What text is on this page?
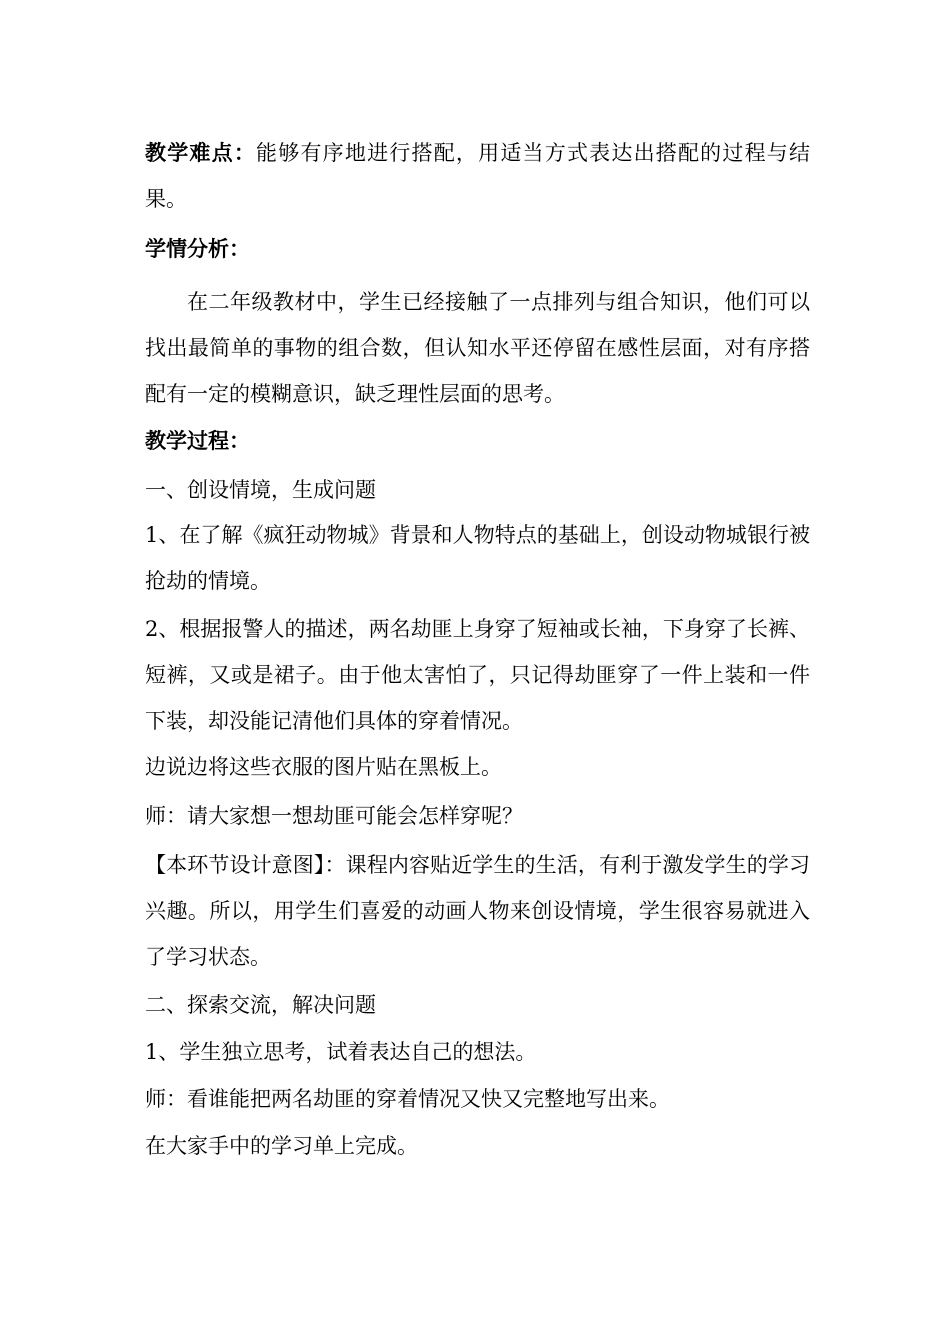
教学难点：能够有序地进行搭配，用适当方式表达出搭配的过程与结果。

学情分析：

在二年级教材中，学生已经接触了一点排列与组合知识，他们可以找出最简单的事物的组合数，但认知水平还停留在感性层面，对有序搭配有一定的模糊意识，缺乏理性层面的思考。

教学过程：

一、创设情境，生成问题

1、在了解《疯狂动物城》背景和人物特点的基础上，创设动物城银行被抢劫的情境。

2、根据报警人的描述，两名劫匪上身穿了短袖或长袖，下身穿了长裤、短裤，又或是裙子。由于他太害怕了，只记得劫匪穿了一件上装和一件下装，却没能记清他们具体的穿着情况。

边说边将这些衣服的图片贴在黑板上。

师：请大家想一想劫匪可能会怎样穿呢？

【本环节设计意图】：课程内容贴近学生的生活，有利于激发学生的学习兴趣。所以，用学生们喜爱的动画人物来创设情境，学生很容易就进入了学习状态。

二、探索交流，解决问题

1、学生独立思考，试着表达自己的想法。

师：看谁能把两名劫匪的穿着情况又快又完整地写出来。

在大家手中的学习单上完成。
